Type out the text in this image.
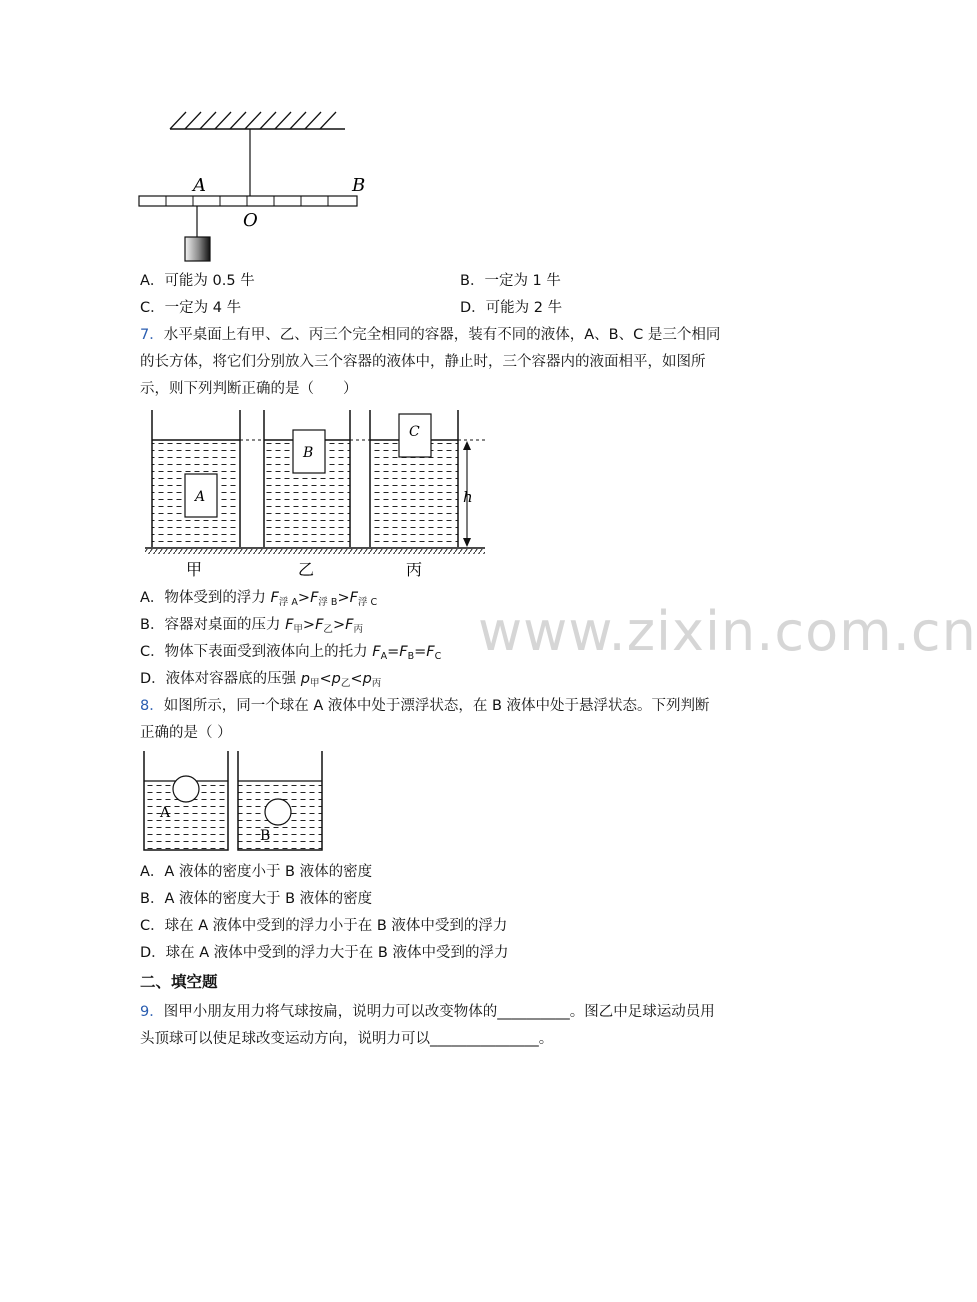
www.zixin.com.cn
A	B
O
A．可能为 0.5 牛	B．一定为 1 牛
C．一定为 4 牛	D．可能为 2 牛
7．水平桌面上有甲、乙、丙三个完全相同的容器，装有不同的液体，A、B、C 是三个相同
的长方体，将它们分别放入三个容器的液体中，静止时，三个容器内的液面相平，如图所
示，则下列判断正确的是（　　）
A
B
C
h
甲	乙	丙
A．物体受到的浮力 $F_{浮 A}>F_{浮 B}>F_{浮 C}$
B．容器对桌面的压力 $F_甲>F_乙>F_丙$
C．物体下表面受到液体向上的托力 $F_A=F_B=F_C$
D．液体对容器底的压强 $p_甲<p_乙<p_丙$
8．如图所示，同一个球在 A 液体中处于漂浮状态，在 B 液体中处于悬浮状态。下列判断
正确的是（ ）
A
B
A．A 液体的密度小于 B 液体的密度
B．A 液体的密度大于 B 液体的密度
C．球在 A 液体中受到的浮力小于在 B 液体中受到的浮力
D．球在 A 液体中受到的浮力大于在 B 液体中受到的浮力
二、填空题
9．图甲小朋友用力将气球按扁，说明力可以改变物体的__________。图乙中足球运动员用
头顶球可以使足球改变运动方向，说明力可以_______________。
